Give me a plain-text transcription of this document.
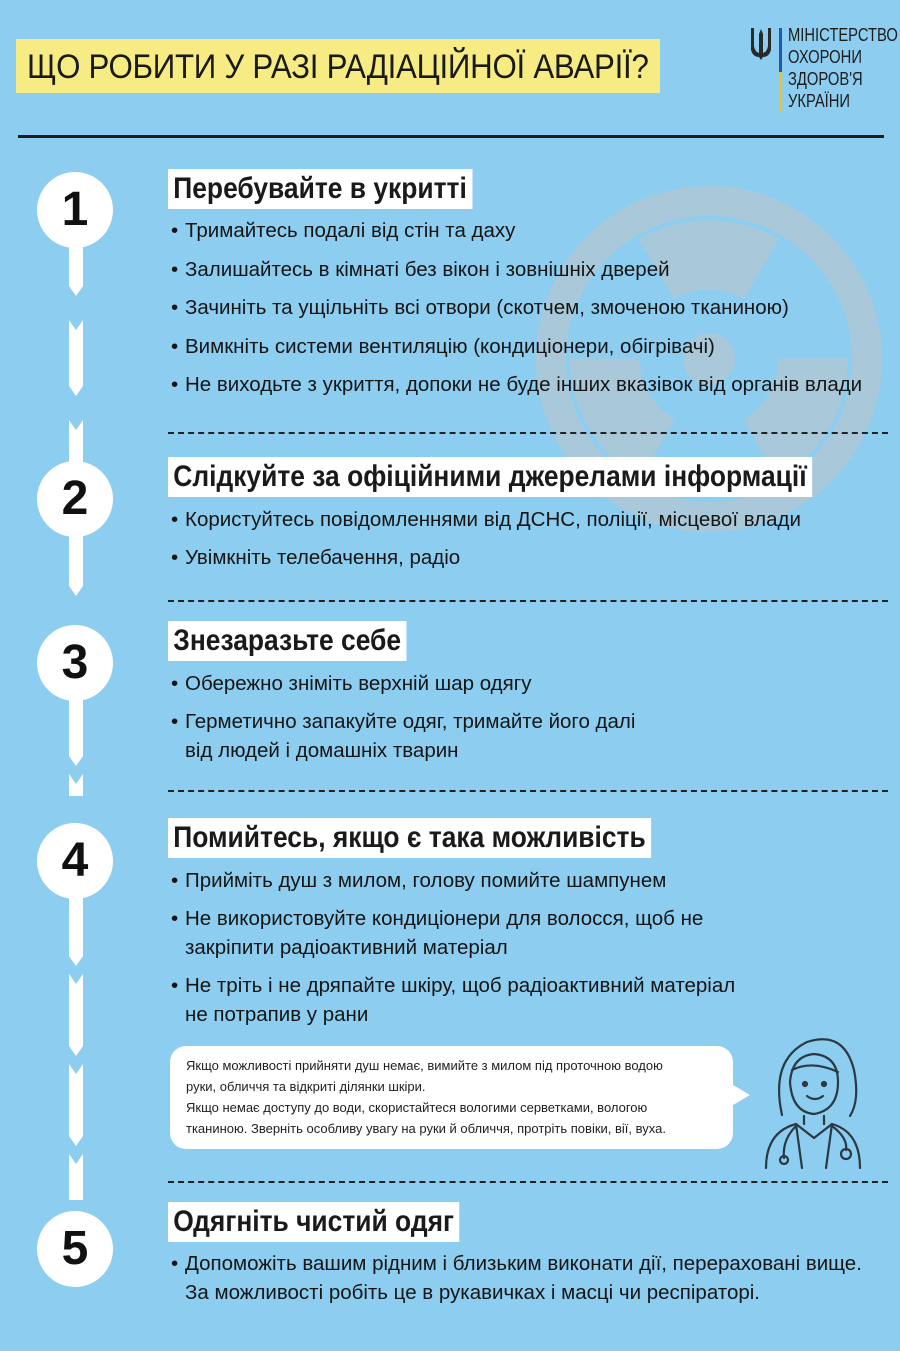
ЩО РОБИТИ У РАЗІ РАДІАЦІЙНОЇ АВАРІЇ?
МІНІСТЕРСТВО
ОХОРОНИ
ЗДОРОВ'Я
УКРАЇНИ
1
2
3
4
5
Перебувайте в укритті
• Тримайтесь подалі від стін та даху
• Залишайтесь в кімнаті без вікон і зовнішніх дверей
• Зачиніть та ущільніть всі отвори (скотчем, змоченою тканиною)
• Вимкніть системи вентиляцію (кондиціонери, обігрівачі)
• Не виходьте з укриття, допоки не буде інших вказівок від органів влади
Слідкуйте за офіційними джерелами інформації
• Користуйтесь повідомленнями від ДСНС, поліції, місцевої влади
• Увімкніть телебачення, радіо
Знезаразьте себе
• Обережно зніміть верхній шар одягу
• Герметично запакуйте одяг, тримайте його далі
від людей і домашніх тварин
Помийтесь, якщо є така можливість
• Прийміть душ з милом, голову помийте шампунем
• Не використовуйте кондиціонери для волосся, щоб не
закріпити радіоактивний матеріал
• Не тріть і не дряпайте шкіру, щоб радіоактивний матеріал
не потрапив у рани
Якщо можливості прийняти душ немає, вимийте з милом під проточною водою
руки, обличчя та відкриті ділянки шкіри.
Якщо немає доступу до води, скористайтеся вологими серветками, вологою
тканиною. Зверніть особливу увагу на руки й обличчя, протріть повіки, вії, вуха.
Одягніть чистий одяг
• Допоможіть вашим рідним і близьким виконати дії, перераховані вище.
За можливості робіть це в рукавичках і масці чи респіраторі.
